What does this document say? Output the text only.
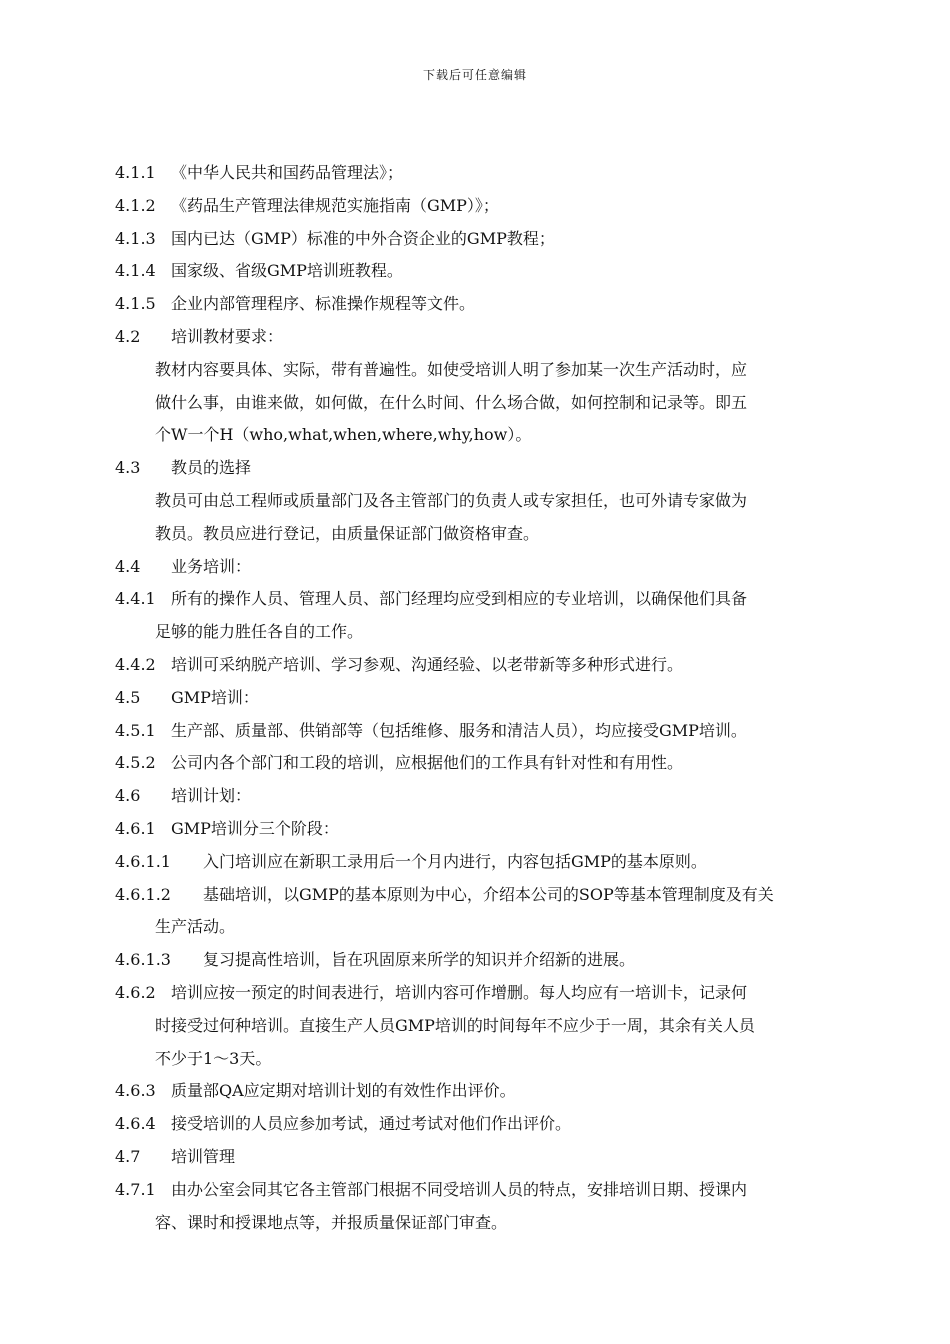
下载后可任意编辑
4.1.1 《中华人民共和国药品管理法》；
4.1.2 《药品生产管理法律规范实施指南（GMP）》；
4.1.3 国内已达（GMP）标准的中外合资企业的GMP教程；
4.1.4 国家级、省级GMP培训班教程。
4.1.5 企业内部管理程序、标准操作规程等文件。
4.2 培训教材要求：
教材内容要具体、实际，带有普遍性。如使受培训人明了参加某一次生产活动时，应
做什么事，由谁来做，如何做，在什么时间、什么场合做，如何控制和记录等。即五
个W一个H（who,what,when,where,why,how）。
4.3 教员的选择
教员可由总工程师或质量部门及各主管部门的负责人或专家担任，也可外请专家做为
教员。教员应进行登记，由质量保证部门做资格审查。
4.4 业务培训：
4.4.1 所有的操作人员、管理人员、部门经理均应受到相应的专业培训，以确保他们具备
足够的能力胜任各自的工作。
4.4.2 培训可采纳脱产培训、学习参观、沟通经验、以老带新等多种形式进行。
4.5 GMP培训：
4.5.1 生产部、质量部、供销部等（包括维修、服务和清洁人员），均应接受GMP培训。
4.5.2 公司内各个部门和工段的培训，应根据他们的工作具有针对性和有用性。
4.6 培训计划：
4.6.1 GMP培训分三个阶段：
4.6.1.1 入门培训应在新职工录用后一个月内进行，内容包括GMP的基本原则。
4.6.1.2 基础培训，以GMP的基本原则为中心，介绍本公司的SOP等基本管理制度及有关
生产活动。
4.6.1.3 复习提高性培训，旨在巩固原来所学的知识并介绍新的进展。
4.6.2 培训应按一预定的时间表进行，培训内容可作增删。每人均应有一培训卡，记录何
时接受过何种培训。直接生产人员GMP培训的时间每年不应少于一周，其余有关人员
不少于1～3天。
4.6.3 质量部QA应定期对培训计划的有效性作出评价。
4.6.4 接受培训的人员应参加考试，通过考试对他们作出评价。
4.7 培训管理
4.7.1 由办公室会同其它各主管部门根据不同受培训人员的特点，安排培训日期、授课内
容、课时和授课地点等，并报质量保证部门审查。
